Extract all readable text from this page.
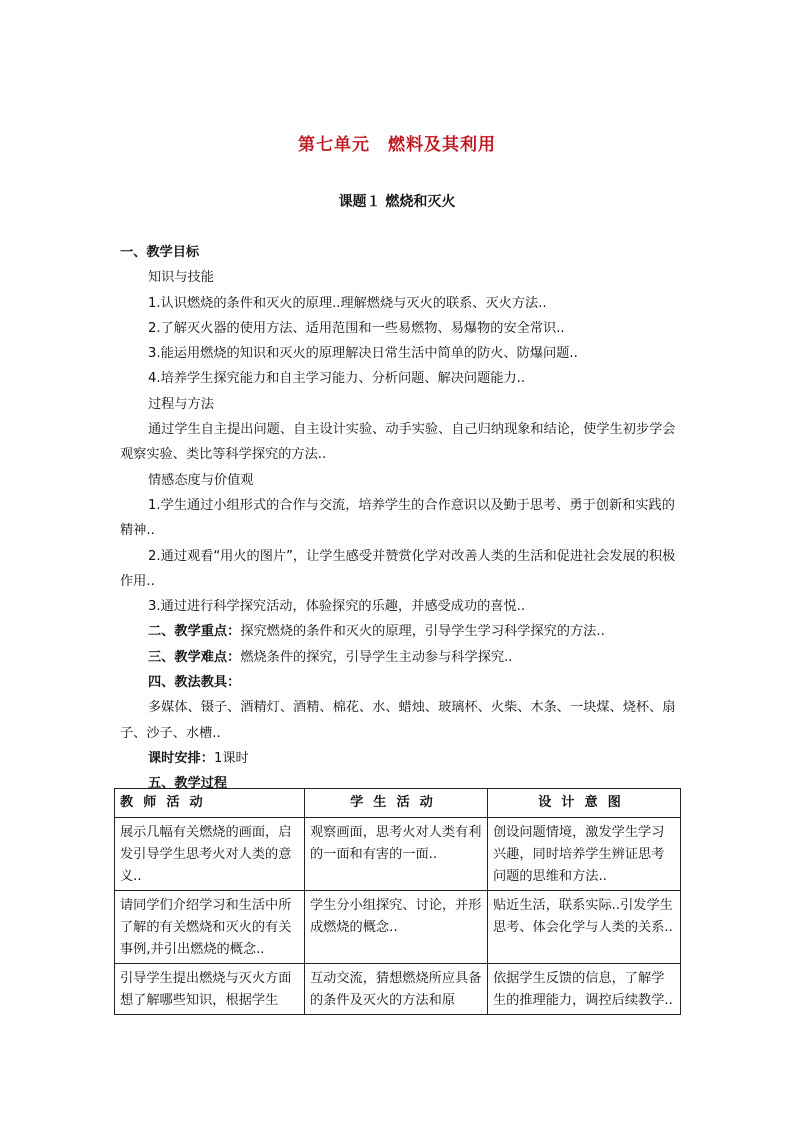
第七单元　燃料及其利用
课题１ 燃烧和灭火

一、教学目标

知识与技能

1.认识燃烧的条件和灭火的原理..理解燃烧与灭火的联系、灭火方法..

2.了解灭火器的使用方法、适用范围和一些易燃物、易爆物的安全常识..

3.能运用燃烧的知识和灭火的原理解决日常生活中简单的防火、防爆问题..

4.培养学生探究能力和自主学习能力、分析问题、解决问题能力..

过程与方法

通过学生自主提出问题、自主设计实验、动手实验、自己归纳现象和结论，使学生初步学会观察实验、类比等科学探究的方法..

情感态度与价值观

1.学生通过小组形式的合作与交流，培养学生的合作意识以及勤于思考、勇于创新和实践的精神..

2.通过观看“用火的图片”，让学生感受并赞赏化学对改善人类的生活和促进社会发展的积极作用..

3.通过进行科学探究活动，体验探究的乐趣，并感受成功的喜悦..

二、教学重点：探究燃烧的条件和灭火的原理，引导学生学习科学探究的方法..

三、教学难点：燃烧条件的探究，引导学生主动参与科学探究..

四、教法教具：

多媒体、镊子、酒精灯、酒精、棉花、水、蜡烛、玻璃杯、火柴、木条、一块煤、烧杯、扇子、沙子、水槽..

课时安排：1课时

五、教学过程

教师活动	学生活动	设计意图
展示几幅有关燃烧的画面，启发引导学生思考火对人类的意义..	观察画面，思考火对人类有利的一面和有害的一面..	创设问题情境，激发学生学习兴趣，同时培养学生辨证思考问题的思维和方法..
请同学们介绍学习和生活中所了解的有关燃烧和灭火的有关事例,并引出燃烧的概念..	学生分小组探究、讨论，并形成燃烧的概念..	贴近生活，联系实际..引发学生思考、体会化学与人类的关系..

引导学生提出燃烧与灭火方面想了解哪些知识，根据学生	互动交流，猜想燃烧所应具备的条件及灭火的方法和原	依据学生反馈的信息，了解学生的推理能力，调控后续教学..
